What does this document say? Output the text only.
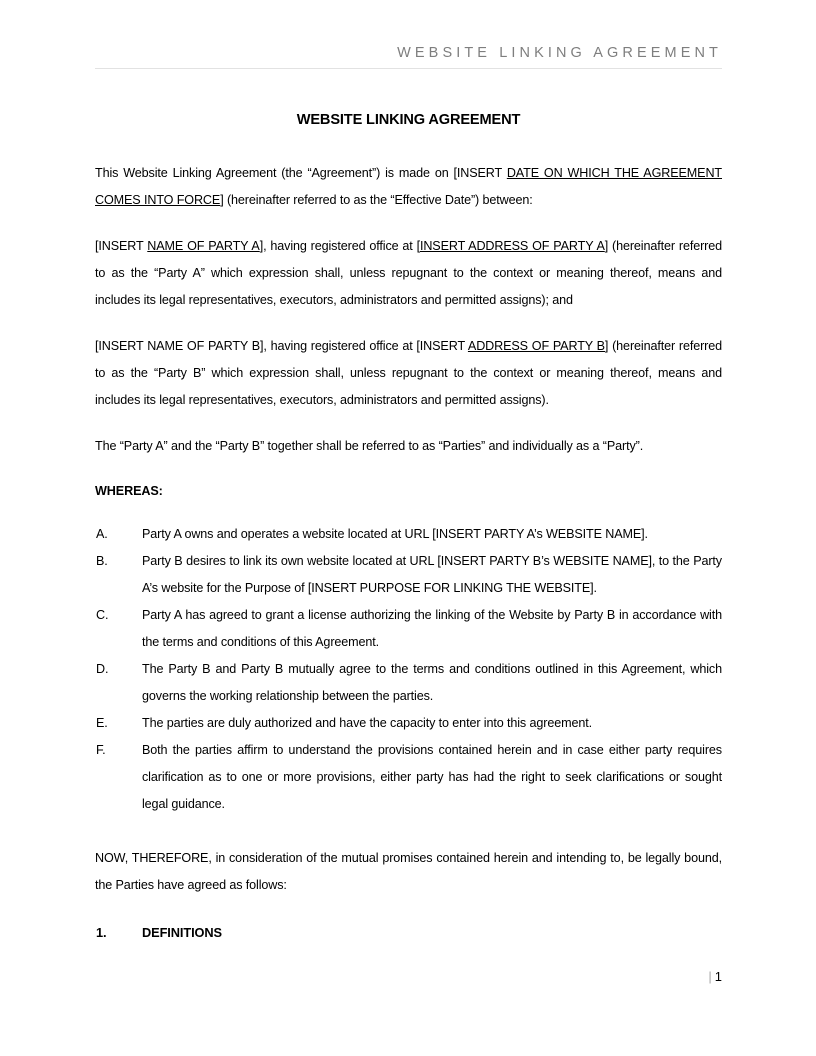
WEBSITE LINKING AGREEMENT
WEBSITE LINKING AGREEMENT

This Website Linking Agreement (the “Agreement”) is made on [INSERT DATE ON WHICH THE AGREEMENT COMES INTO FORCE] (hereinafter referred to as the “Effective Date”) between:

[INSERT NAME OF PARTY A], having registered office at [INSERT ADDRESS OF PARTY A] (hereinafter referred to as the “Party A” which expression shall, unless repugnant to the context or meaning thereof, means and includes its legal representatives, executors, administrators and permitted assigns); and

[INSERT NAME OF PARTY B], having registered office at [INSERT ADDRESS OF PARTY B] (hereinafter referred to as the “Party B” which expression shall, unless repugnant to the context or meaning thereof, means and includes its legal representatives, executors, administrators and permitted assigns).

The “Party A” and the “Party B” together shall be referred to as “Parties” and individually as a “Party”.

WHEREAS:
A.	Party A owns and operates a website located at URL [INSERT PARTY A’s WEBSITE NAME].
B.	Party B desires to link its own website located at URL [INSERT PARTY B’s WEBSITE NAME], to the Party A’s website for the Purpose of [INSERT PURPOSE FOR LINKING THE WEBSITE].
C.	Party A has agreed to grant a license authorizing the linking of the Website by Party B in accordance with the terms and conditions of this Agreement.
D.	The Party B and Party B mutually agree to the terms and conditions outlined in this Agreement, which governs the working relationship between the parties.
E.	The parties are duly authorized and have the capacity to enter into this agreement.
F.	Both the parties affirm to understand the provisions contained herein and in case either party requires clarification as to one or more provisions, either party has had the right to seek clarifications or sought legal guidance.

NOW, THEREFORE, in consideration of the mutual promises contained herein and intending to, be legally bound, the Parties have agreed as follows:

1.	DEFINITIONS
| 1
